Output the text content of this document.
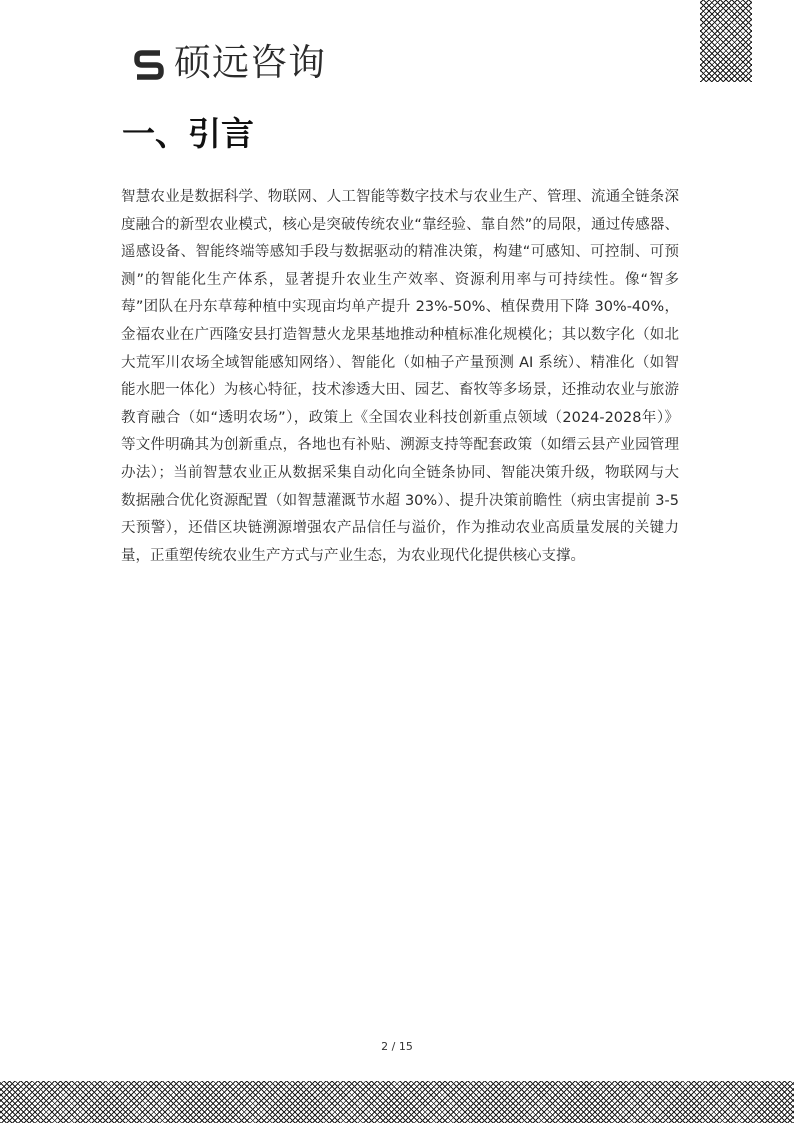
硕远咨询
一、引言

智慧农业是数据科学、物联网、人工智能等数字技术与农业生产、管理、流通全链条深度融合的新型农业模式，核心是突破传统农业“靠经验、靠自然”的局限，通过传感器、遥感设备、智能终端等感知手段与数据驱动的精准决策，构建“可感知、可控制、可预测”的智能化生产体系，显著提升农业生产效率、资源利用率与可持续性。像“智多莓”团队在丹东草莓种植中实现亩均单产提升 23%-50%、植保费用下降 30%-40%，金福农业在广西隆安县打造智慧火龙果基地推动种植标准化规模化；其以数字化（如北大荒军川农场全域智能感知网络）、智能化（如柚子产量预测 AI 系统）、精准化（如智能水肥一体化）为核心特征，技术渗透大田、园艺、畜牧等多场景，还推动农业与旅游教育融合（如“透明农场”），政策上《全国农业科技创新重点领域（2024-2028年）》等文件明确其为创新重点，各地也有补贴、溯源支持等配套政策（如缙云县产业园管理办法）；当前智慧农业正从数据采集自动化向全链条协同、智能决策升级，物联网与大数据融合优化资源配置（如智慧灌溉节水超 30%）、提升决策前瞻性（病虫害提前 3-5 天预警），还借区块链溯源增强农产品信任与溢价，作为推动农业高质量发展的关键力量，正重塑传统农业生产方式与产业生态，为农业现代化提供核心支撑。

2 / 15
